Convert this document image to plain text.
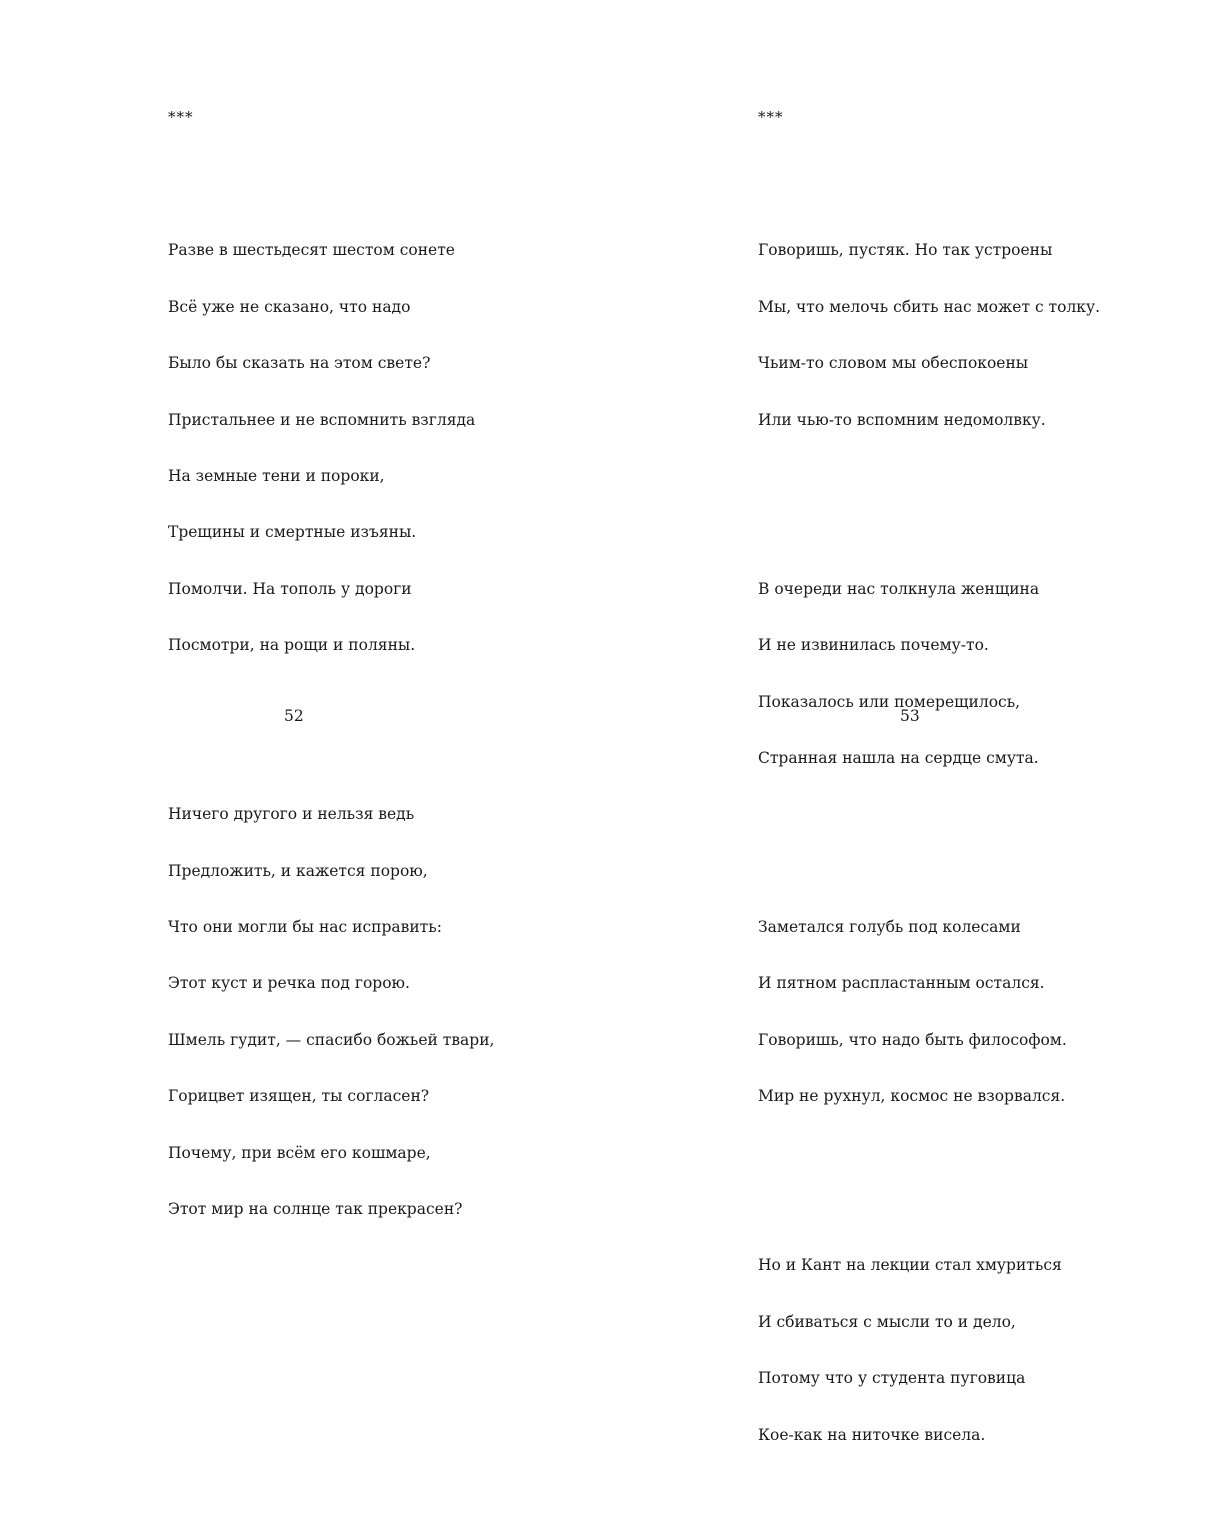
***

Разве в шестьдесят шестом сонете

Всё уже не сказано, что надо

Было бы сказать на этом свете?

Пристальнее и не вспомнить взгляда

На земные тени и пороки,

Трещины и смертные изъяны.

Помолчи. На тополь у дороги

Посмотри, на рощи и поляны.

Ничего другого и нельзя ведь

Предложить, и кажется порою,

Что они могли бы нас исправить:

Этот куст и речка под горою.

Шмель гудит, — спасибо божьей твари,

Горицвет изящен, ты согласен?

Почему, при всём его кошмаре,

Этот мир на солнце так прекрасен?

52

***

Говоришь, пустяк. Но так устроены

Мы, что мелочь сбить нас может с толку.

Чьим-то словом мы обеспокоены

Или чью-то вспомним недомолвку.

В очереди нас толкнула женщина

И не извинилась почему-то.

Показалось или померещилось,

Странная нашла на сердце смута.

Заметался голубь под колесами

И пятном распластанным остался.

Говоришь, что надо быть философом.

Мир не рухнул, космос не взорвался.

Но и Кант на лекции стал хмуриться

И сбиваться с мысли то и дело,

Потому что у студента пуговица

Кое-как на ниточке висела.

53
